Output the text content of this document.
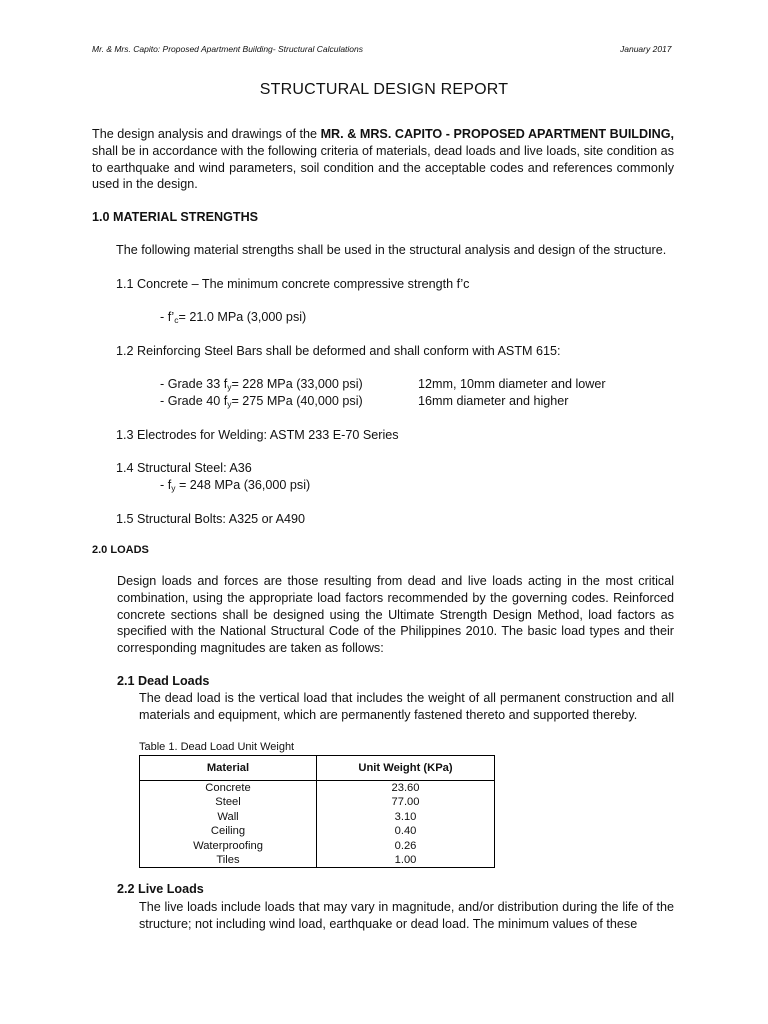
Mr. & Mrs. Capito: Proposed Apartment Building- Structural Calculations	January 2017
STRUCTURAL DESIGN REPORT
The design analysis and drawings of the MR. & MRS. CAPITO - PROPOSED APARTMENT BUILDING, shall be in accordance with the following criteria of materials, dead loads and live loads, site condition as to earthquake and wind parameters, soil condition and the acceptable codes and references commonly used in the design.
1.0 MATERIAL STRENGTHS
The following material strengths shall be used in the structural analysis and design of the structure.
1.1 Concrete – The minimum concrete compressive strength f’c
- $f’_c= 21.0$ MPa (3,000 psi)
1.2 Reinforcing Steel Bars shall be deformed and shall conform with ASTM 615:
- Grade 33 $f_y= 228$ MPa (33,000 psi)	12mm, 10mm diameter and lower
- Grade 40 $f_y= 275$ MPa (40,000 psi)	16mm diameter and higher
1.3 Electrodes for Welding: ASTM 233 E-70 Series
1.4 Structural Steel: A36
- $f_y = 248$ MPa (36,000 psi)
1.5 Structural Bolts: A325 or A490
2.0 LOADS
Design loads and forces are those resulting from dead and live loads acting in the most critical combination, using the appropriate load factors recommended by the governing codes. Reinforced concrete sections shall be designed using the Ultimate Strength Design Method, load factors as specified with the National Structural Code of the Philippines 2010. The basic load types and their corresponding magnitudes are taken as follows:
2.1 Dead Loads
The dead load is the vertical load that includes the weight of all permanent construction and all materials and equipment, which are permanently fastened thereto and supported thereby.
Table 1. Dead Load Unit Weight
Material	Unit Weight (KPa)
Concrete	23.60
Steel	77.00
Wall	3.10
Ceiling	0.40
Waterproofing	0.26
Tiles	1.00
2.2 Live Loads
The live loads include loads that may vary in magnitude, and/or distribution during the life of the structure; not including wind load, earthquake or dead load. The minimum values of these
